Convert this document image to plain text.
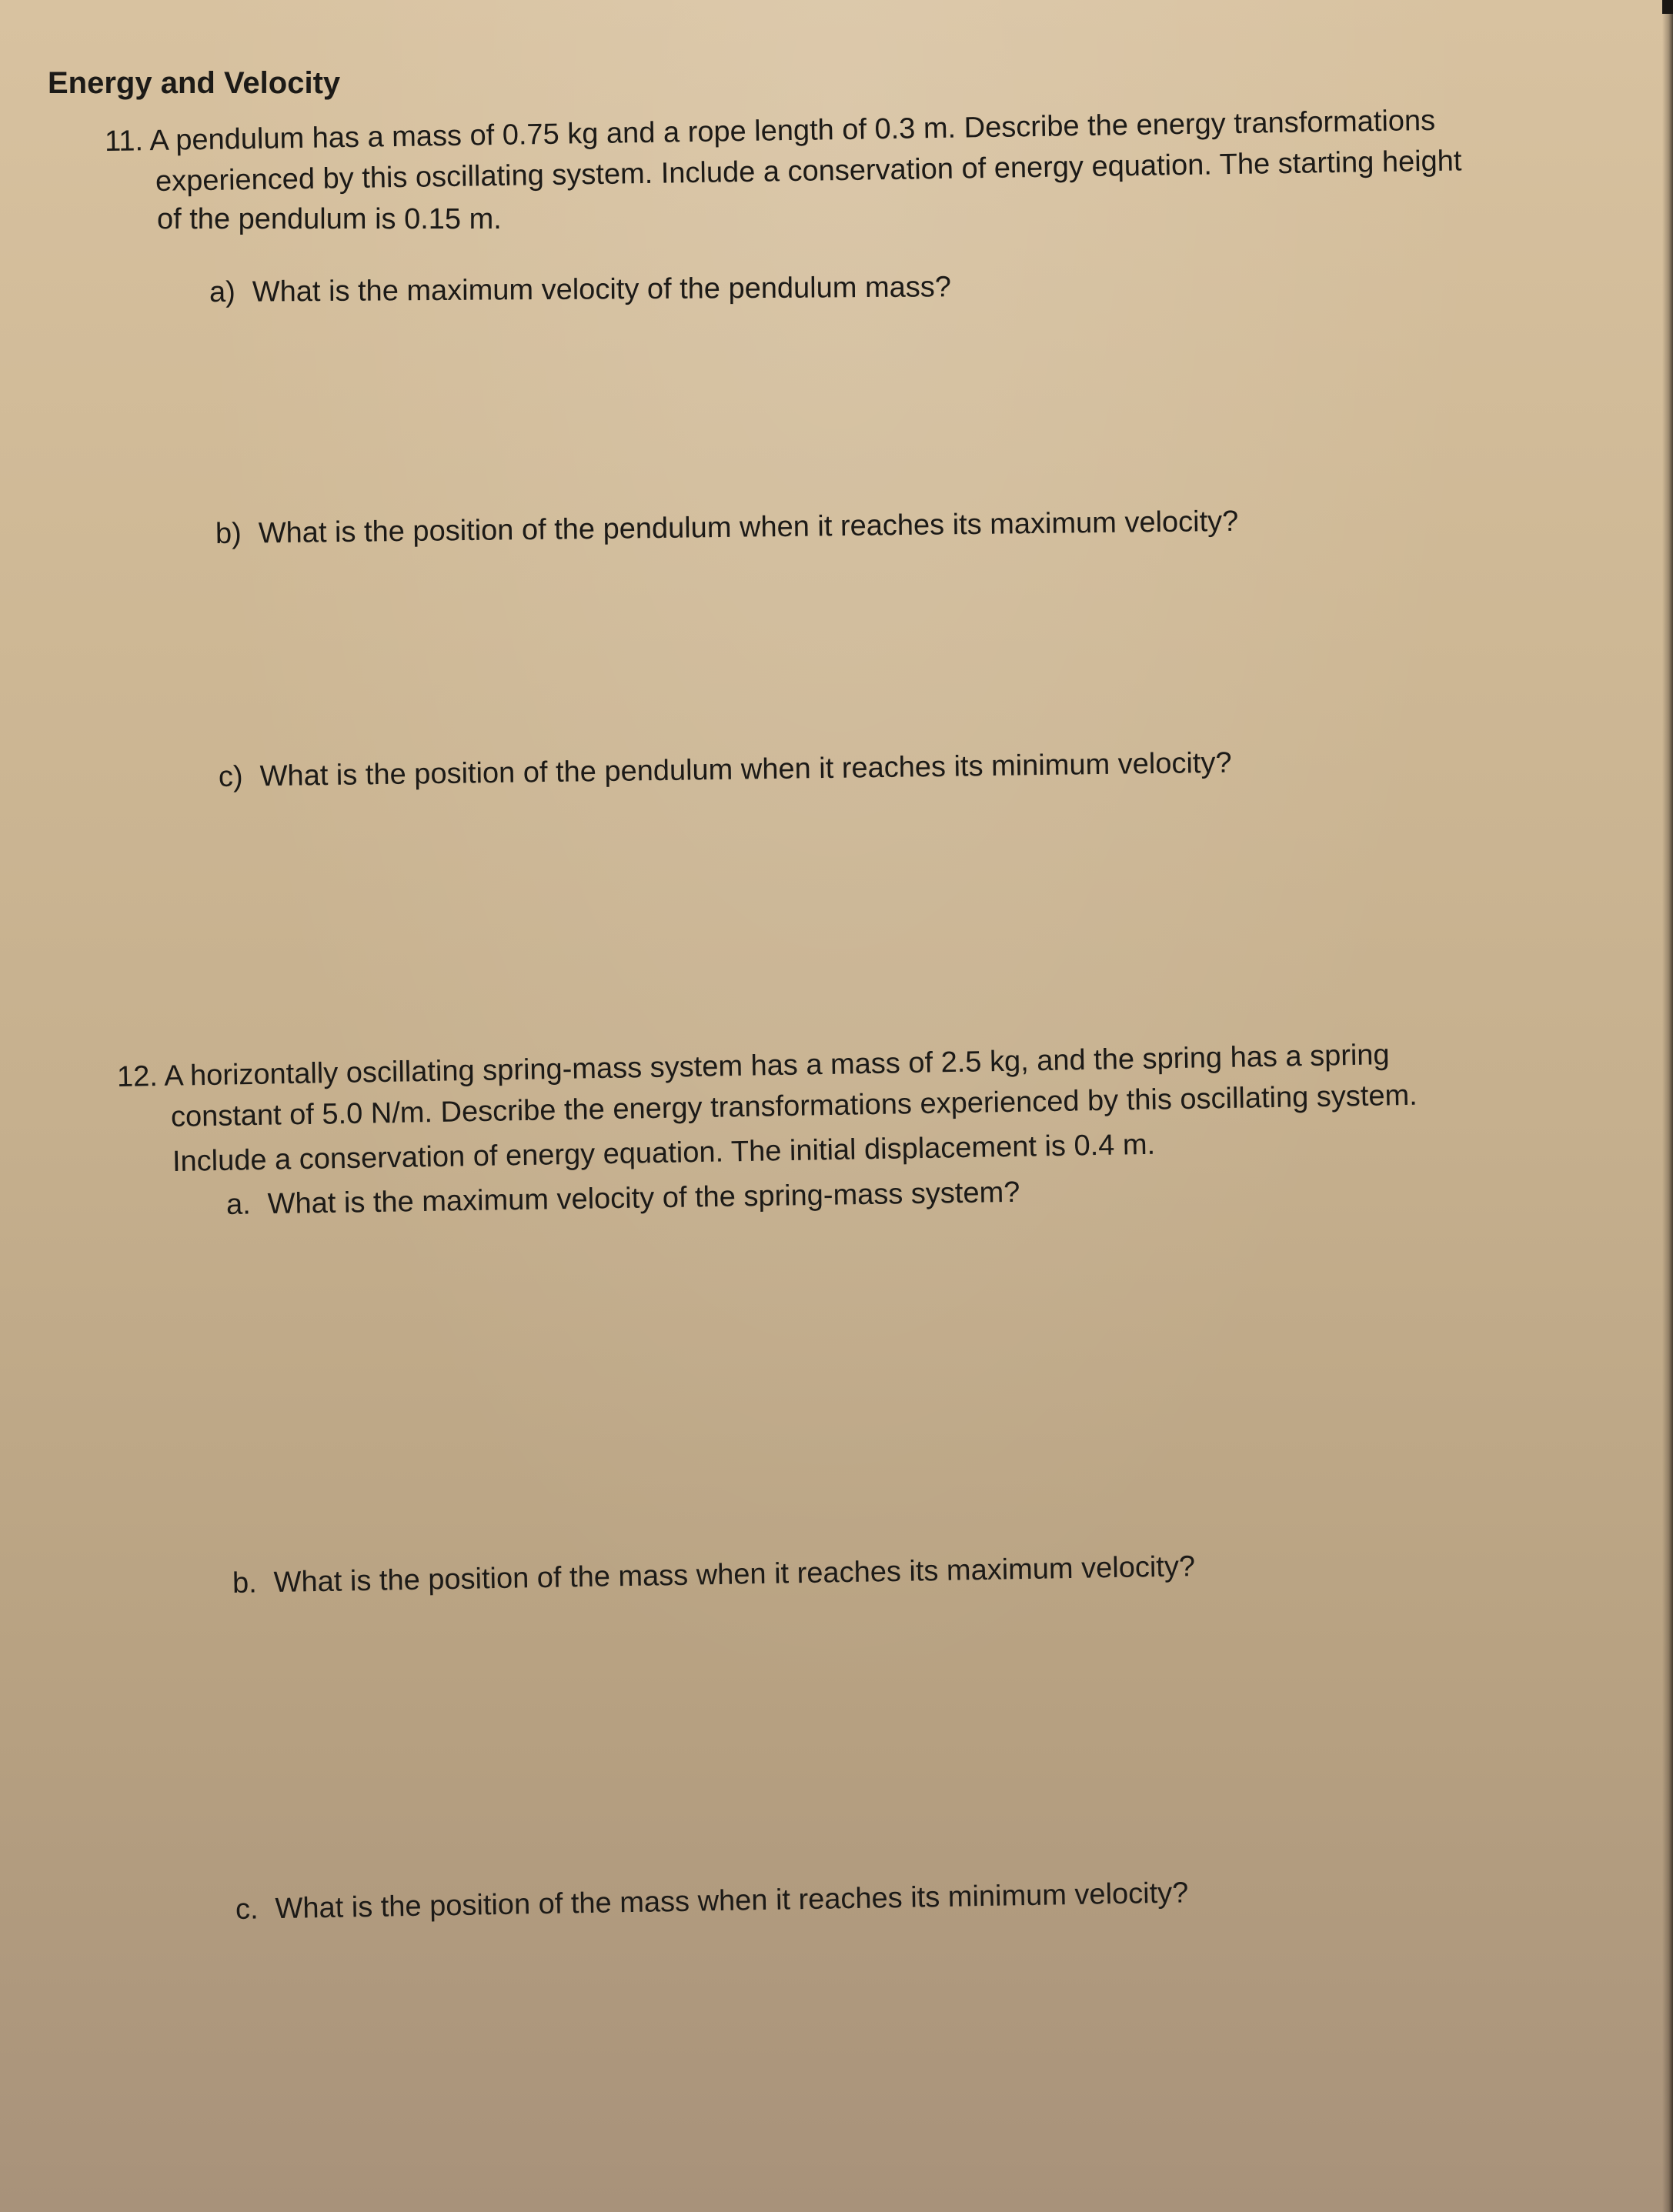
Energy and Velocity

11. A pendulum has a mass of 0.75 kg and a rope length of 0.3 m. Describe the energy transformations

experienced by this oscillating system. Include a conservation of energy equation. The starting height

of the pendulum is 0.15 m.

a) What is the maximum velocity of the pendulum mass?

b) What is the position of the pendulum when it reaches its maximum velocity?

c) What is the position of the pendulum when it reaches its minimum velocity?

12. A horizontally oscillating spring-mass system has a mass of 2.5 kg, and the spring has a spring

constant of 5.0 N/m. Describe the energy transformations experienced by this oscillating system.

Include a conservation of energy equation. The initial displacement is 0.4 m.

a. What is the maximum velocity of the spring-mass system?

b. What is the position of the mass when it reaches its maximum velocity?

c. What is the position of the mass when it reaches its minimum velocity?
